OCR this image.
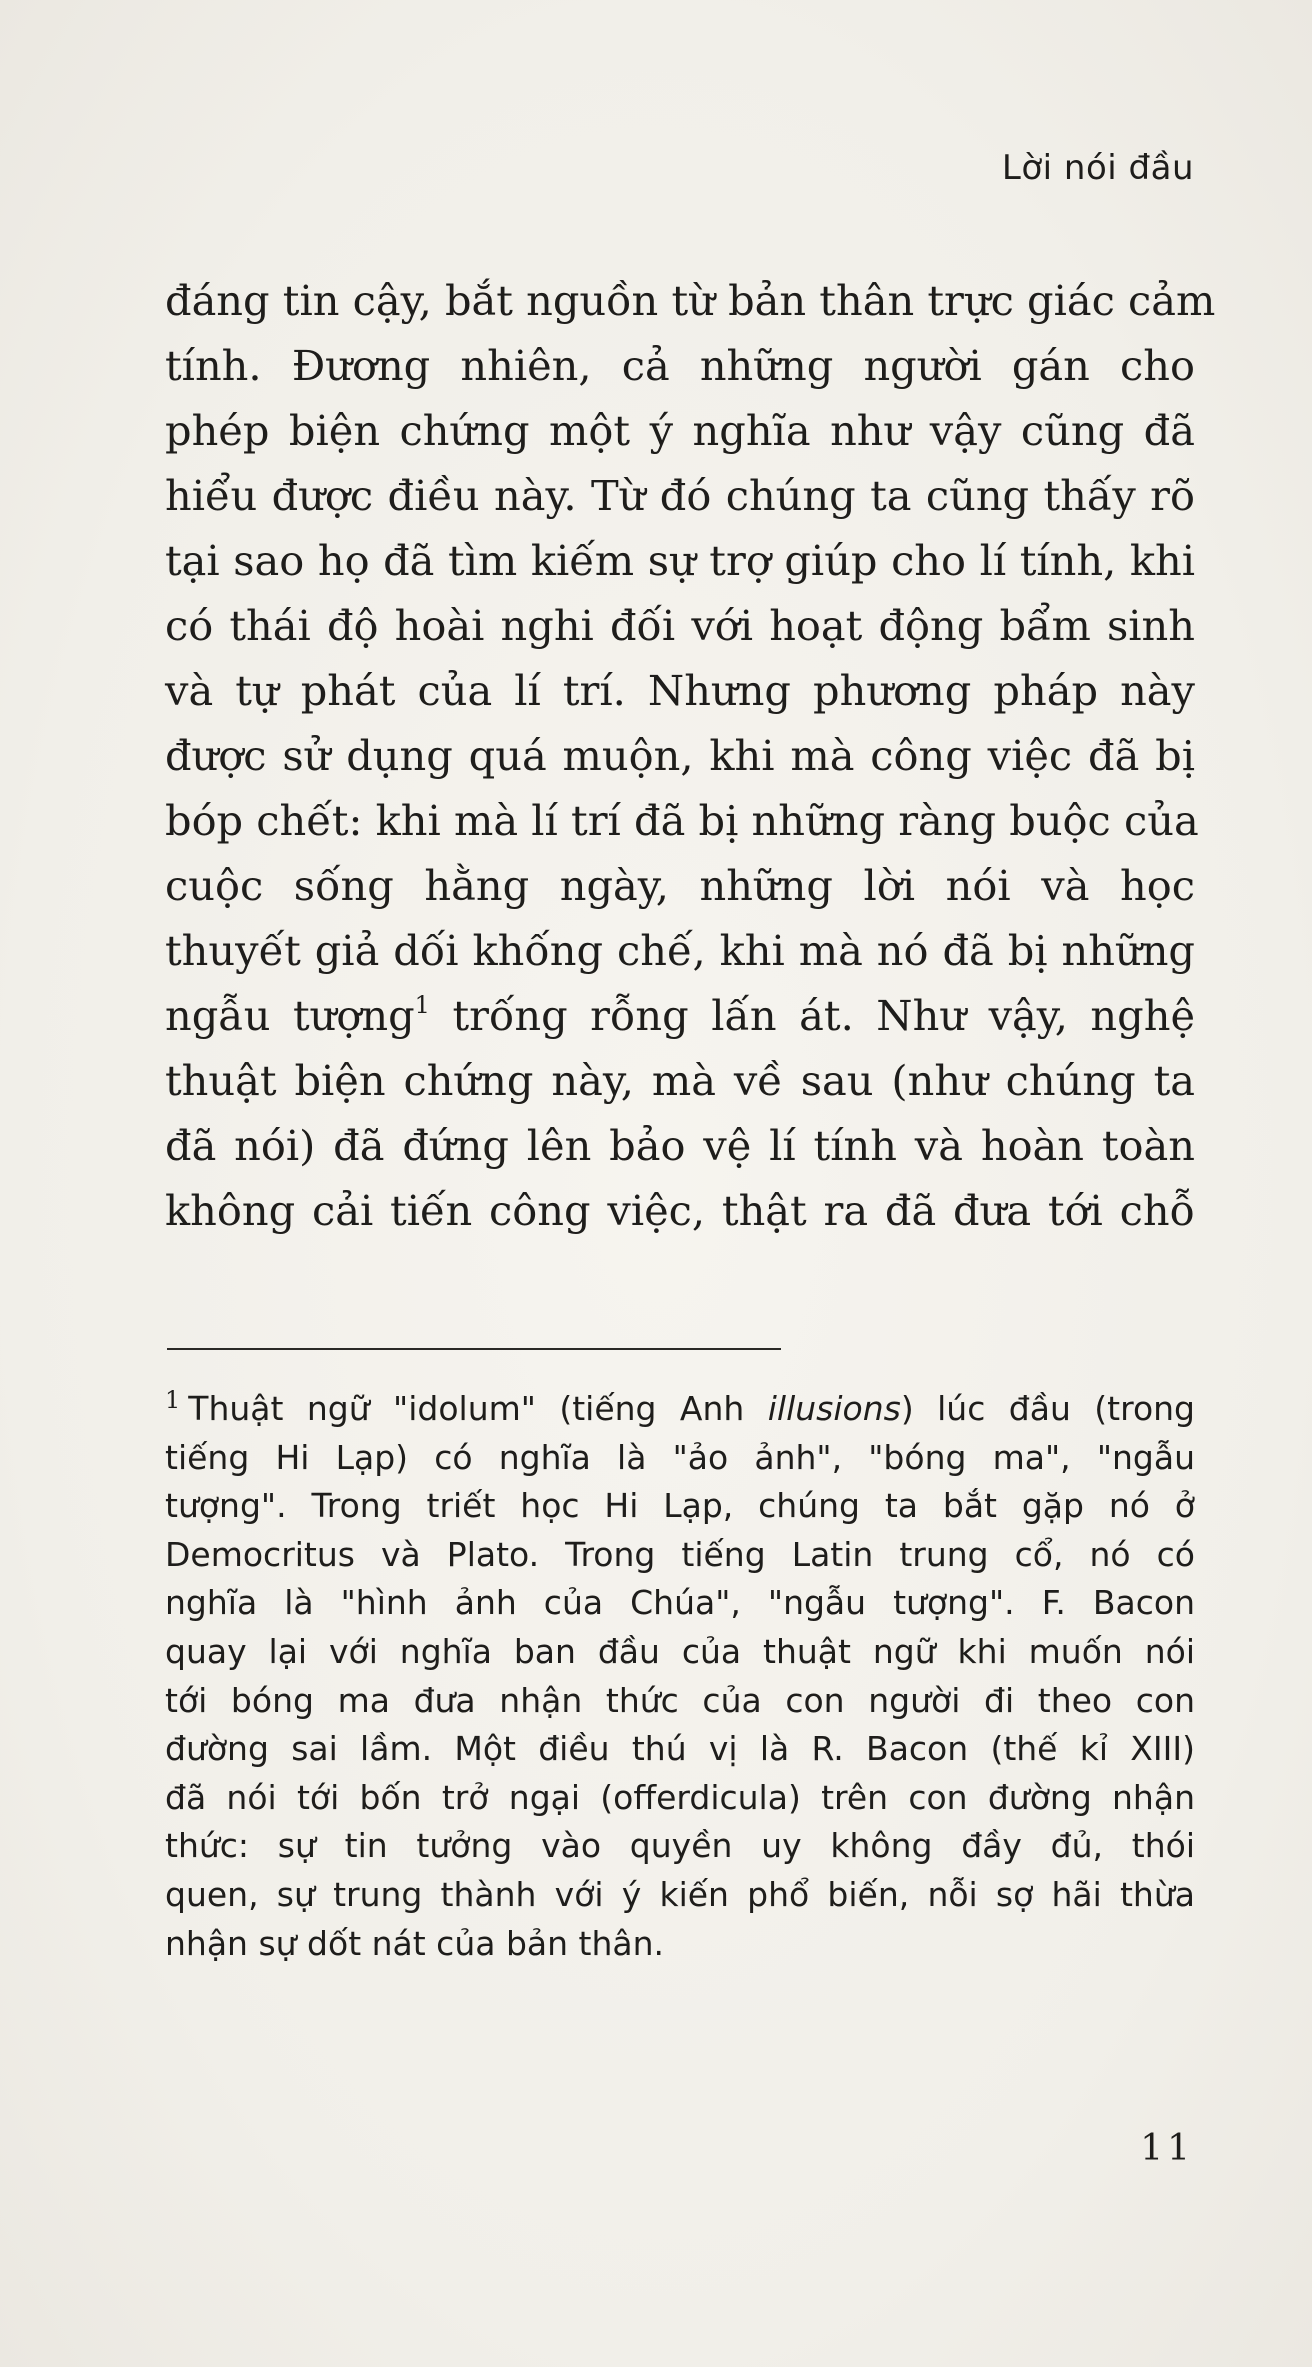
Lời nói đầu
đáng tin cậy, bắt nguồn từ bản thân trực giác cảm
tính. Đương nhiên, cả những người gán cho
phép biện chứng một ý nghĩa như vậy cũng đã
hiểu được điều này. Từ đó chúng ta cũng thấy rõ
tại sao họ đã tìm kiếm sự trợ giúp cho lí tính, khi
có thái độ hoài nghi đối với hoạt động bẩm sinh
và tự phát của lí trí. Nhưng phương pháp này
được sử dụng quá muộn, khi mà công việc đã bị
bóp chết: khi mà lí trí đã bị những ràng buộc của
cuộc sống hằng ngày, những lời nói và học
thuyết giả dối khống chế, khi mà nó đã bị những
ngẫu tượng$^1$ trống rỗng lấn át. Như vậy, nghệ
thuật biện chứng này, mà về sau (như chúng ta
đã nói) đã đứng lên bảo vệ lí tính và hoàn toàn
không cải tiến công việc, thật ra đã đưa tới chỗ
$^1$ Thuật ngữ "idolum" (tiếng Anh illusions) lúc đầu (trong
tiếng Hi Lạp) có nghĩa là "ảo ảnh", "bóng ma", "ngẫu
tượng". Trong triết học Hi Lạp, chúng ta bắt gặp nó ở
Democritus và Plato. Trong tiếng Latin trung cổ, nó có
nghĩa là "hình ảnh của Chúa", "ngẫu tượng". F. Bacon
quay lại với nghĩa ban đầu của thuật ngữ khi muốn nói
tới bóng ma đưa nhận thức của con người đi theo con
đường sai lầm. Một điều thú vị là R. Bacon (thế kỉ XIII)
đã nói tới bốn trở ngại (offerdicula) trên con đường nhận
thức: sự tin tưởng vào quyền uy không đầy đủ, thói
quen, sự trung thành với ý kiến phổ biến, nỗi sợ hãi thừa
nhận sự dốt nát của bản thân.
11
